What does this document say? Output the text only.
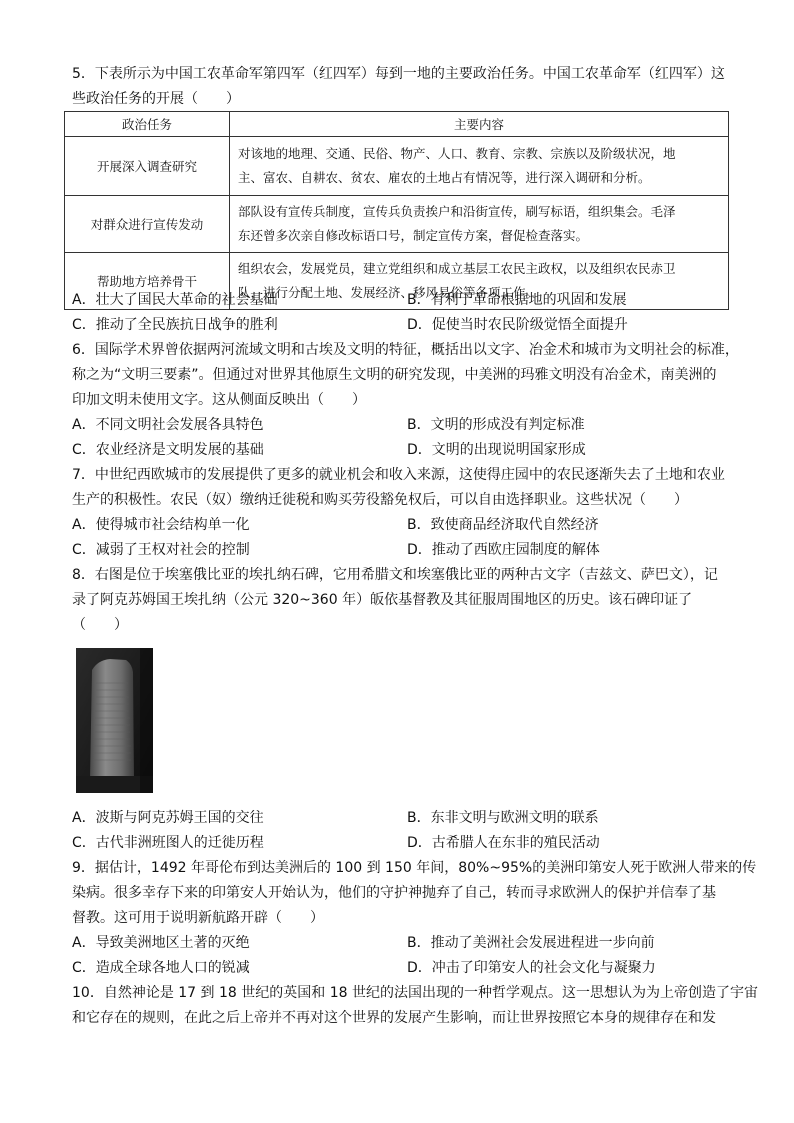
5．下表所示为中国工农革命军第四军（红四军）每到一地的主要政治任务。中国工农革命军（红四军）这
些政治任务的开展（　　）
政治任务	主要内容
开展深入调查研究	对该地的地理、交通、民俗、物产、人口、教育、宗教、宗族以及阶级状况，地
主、富农、自耕农、贫农、雇农的土地占有情况等，进行深入调研和分析。

对群众进行宣传发动	部队设有宣传兵制度，宣传兵负责挨户和沿街宣传，刷写标语，组织集会。毛泽
东还曾多次亲自修改标语口号，制定宣传方案，督促检查落实。

帮助地方培养骨干	组织农会，发展党员，建立党组织和成立基层工农民主政权，以及组织农民赤卫
队，进行分配土地、发展经济、移风易俗等各项工作。
A．壮大了国民大革命的社会基础	B．有利于革命根据地的巩固和发展
C．推动了全民族抗日战争的胜利	D．促使当时农民阶级觉悟全面提升
6．国际学术界曾依据两河流域文明和古埃及文明的特征，概括出以文字、冶金术和城市为文明社会的标准，
称之为“文明三要素”。但通过对世界其他原生文明的研究发现，中美洲的玛雅文明没有冶金术，南美洲的
印加文明未使用文字。这从侧面反映出（　　）
A．不同文明社会发展各具特色	B．文明的形成没有判定标准
C．农业经济是文明发展的基础	D．文明的出现说明国家形成
7．中世纪西欧城市的发展提供了更多的就业机会和收入来源，这使得庄园中的农民逐渐失去了土地和农业
生产的积极性。农民（奴）缴纳迁徙税和购买劳役豁免权后，可以自由选择职业。这些状况（　　）
A．使得城市社会结构单一化	B．致使商品经济取代自然经济
C．减弱了王权对社会的控制	D．推动了西欧庄园制度的解体
8．右图是位于埃塞俄比亚的埃扎纳石碑，它用希腊文和埃塞俄比亚的两种古文字（吉兹文、萨巴文），记
录了阿克苏姆国王埃扎纳（公元 320~360 年）皈依基督教及其征服周围地区的历史。该石碑印证了
（　　）
A．波斯与阿克苏姆王国的交往	B．东非文明与欧洲文明的联系
C．古代非洲班图人的迁徙历程	D．古希腊人在东非的殖民活动
9．据估计，1492 年哥伦布到达美洲后的 100 到 150 年间，80%~95%的美洲印第安人死于欧洲人带来的传
染病。很多幸存下来的印第安人开始认为，他们的守护神抛弃了自己，转而寻求欧洲人的保护并信奉了基
督教。这可用于说明新航路开辟（　　）
A．导致美洲地区土著的灭绝	B．推动了美洲社会发展进程进一步向前
C．造成全球各地人口的锐减	D．冲击了印第安人的社会文化与凝聚力
10．自然神论是 17 到 18 世纪的英国和 18 世纪的法国出现的一种哲学观点。这一思想认为为上帝创造了宇宙
和它存在的规则，在此之后上帝并不再对这个世界的发展产生影响，而让世界按照它本身的规律存在和发
